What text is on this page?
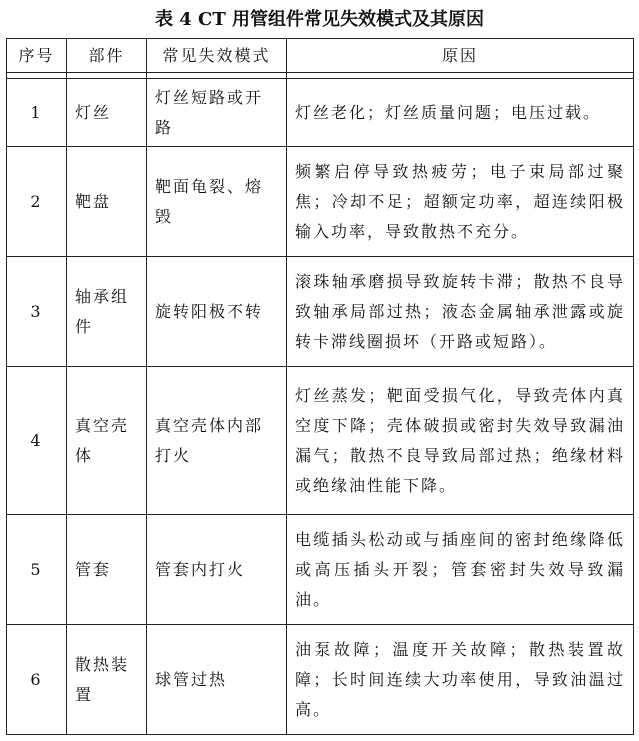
表 4 CT 用管组件常见失效模式及其原因
序号	部件	常见失效模式	原因

1	灯丝	灯丝短路或开路	灯丝老化；灯丝质量问题；电压过载。
2	靶盘	靶面龟裂、熔毁	频繁启停导致热疲劳；电子束局部过聚焦；冷却不足；超额定功率，超连续阳极输入功率，导致散热不充分。
3	轴承组件	旋转阳极不转	滚珠轴承磨损导致旋转卡滞；散热不良导致轴承局部过热；液态金属轴承泄露或旋转卡滞线圈损坏（开路或短路）。
4	真空壳体	真空壳体内部打火	灯丝蒸发；靶面受损气化，导致壳体内真空度下降；壳体破损或密封失效导致漏油漏气；散热不良导致局部过热；绝缘材料或绝缘油性能下降。
5	管套	管套内打火	电缆插头松动或与插座间的密封绝缘降低或高压插头开裂；管套密封失效导致漏油。
6	散热装置	球管过热	油泵故障；温度开关故障；散热装置故障；长时间连续大功率使用，导致油温过高。
